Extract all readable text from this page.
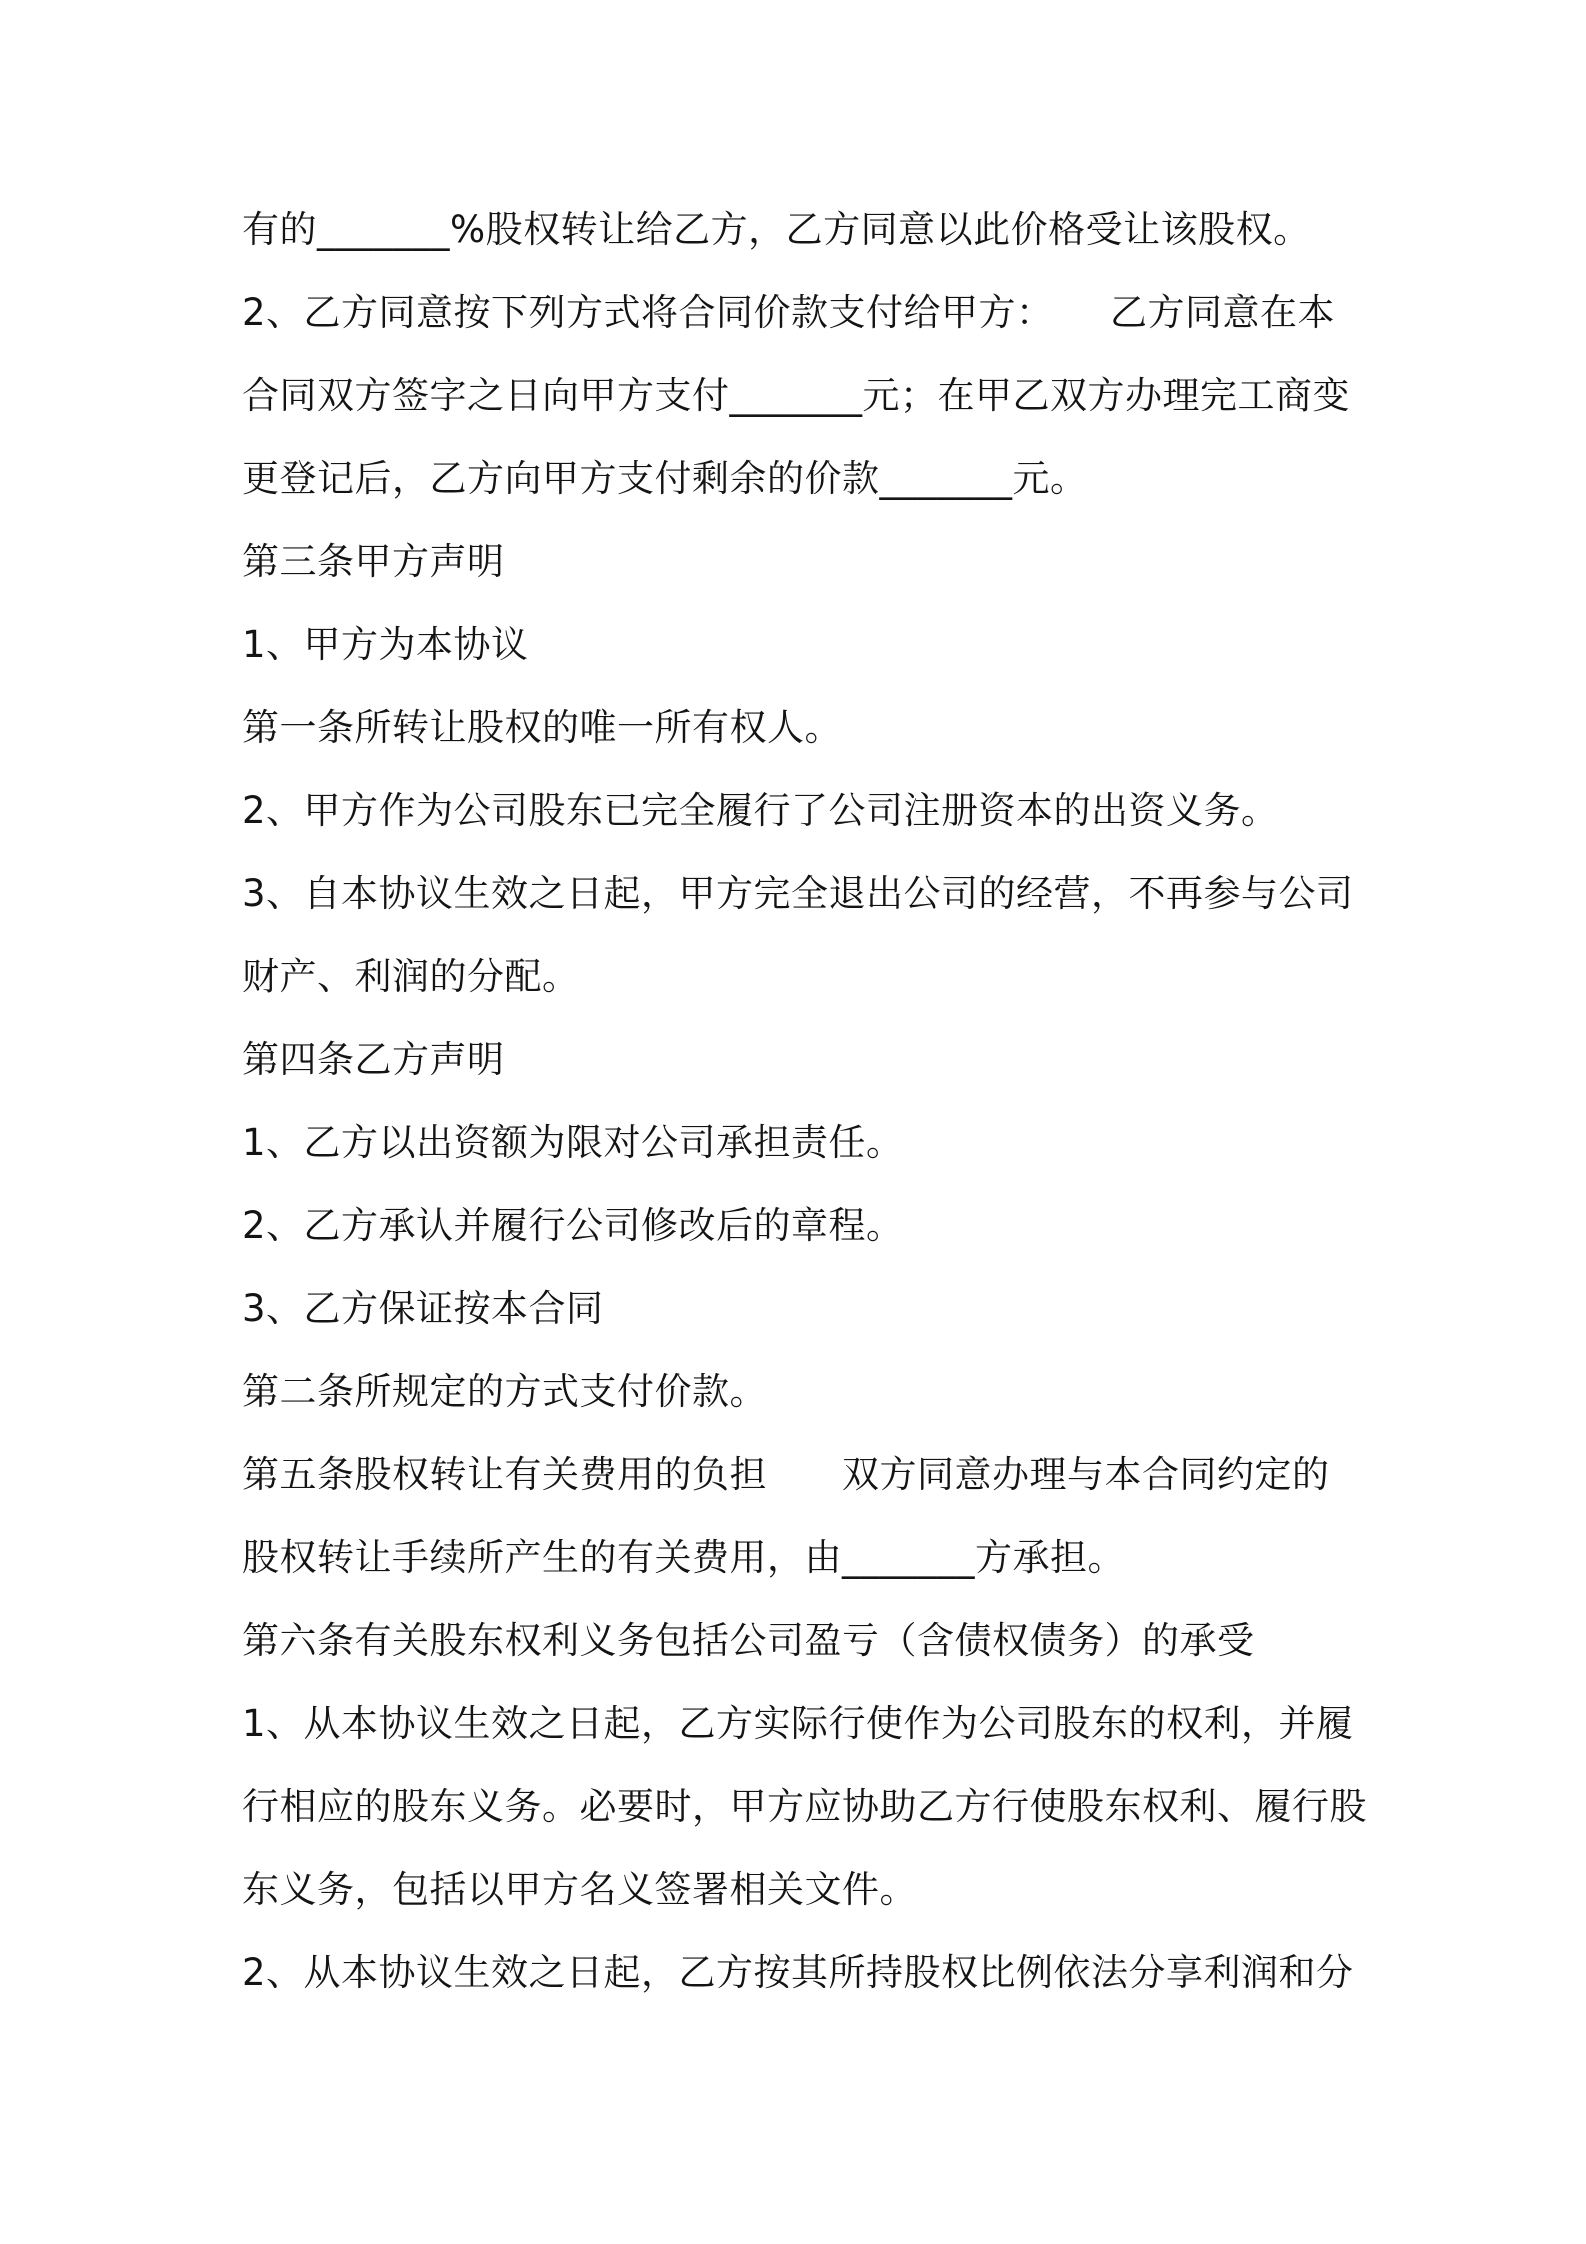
有的_______%股权转让给乙方，乙方同意以此价格受让该股权。
2、乙方同意按下列方式将合同价款支付给甲方：　　乙方同意在本
合同双方签字之日向甲方支付_______元；在甲乙双方办理完工商变
更登记后，乙方向甲方支付剩余的价款_______元。
第三条甲方声明
1、甲方为本协议
第一条所转让股权的唯一所有权人。
2、甲方作为公司股东已完全履行了公司注册资本的出资义务。
3、自本协议生效之日起，甲方完全退出公司的经营，不再参与公司
财产、利润的分配。
第四条乙方声明
1、乙方以出资额为限对公司承担责任。
2、乙方承认并履行公司修改后的章程。
3、乙方保证按本合同
第二条所规定的方式支付价款。
第五条股权转让有关费用的负担　　双方同意办理与本合同约定的
股权转让手续所产生的有关费用，由_______方承担。
第六条有关股东权利义务包括公司盈亏（含债权债务）的承受
1、从本协议生效之日起，乙方实际行使作为公司股东的权利，并履
行相应的股东义务。必要时，甲方应协助乙方行使股东权利、履行股
东义务，包括以甲方名义签署相关文件。
2、从本协议生效之日起，乙方按其所持股权比例依法分享利润和分
